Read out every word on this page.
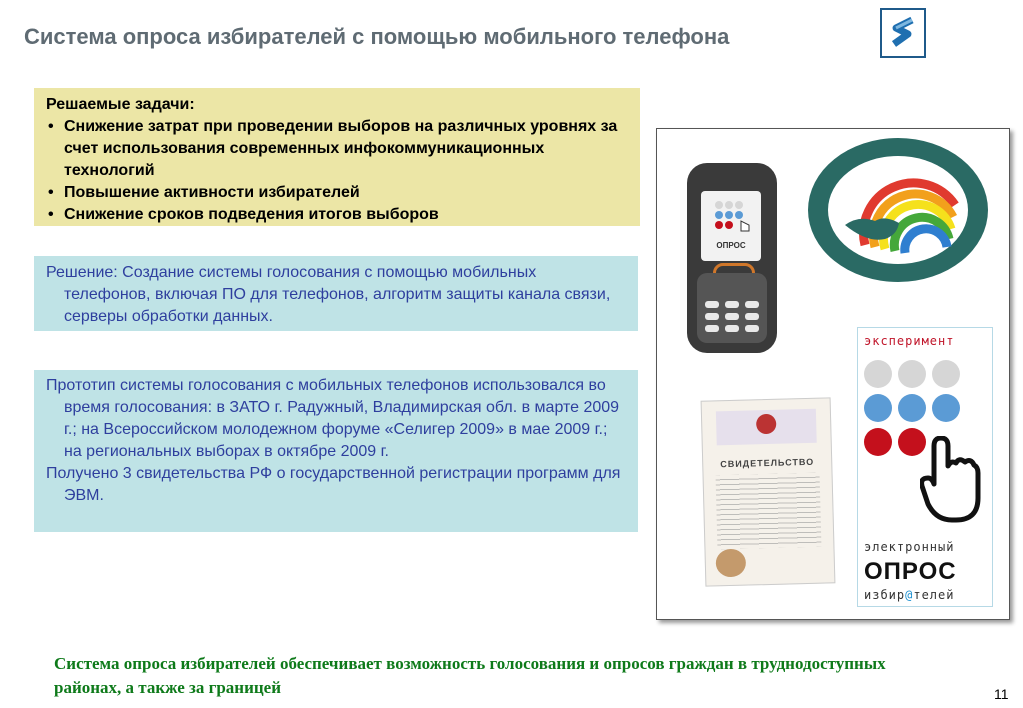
Система опроса избирателей с помощью мобильного телефона
Решаемые задачи:
• Снижение затрат при проведении выборов на различных уровнях за счет использования современных инфокоммуникационных технологий
• Повышение активности избирателей
• Снижение сроков подведения итогов выборов

Решение: Создание системы голосования с помощью мобильных телефонов, включая ПО для телефонов, алгоритм защиты канала связи, серверы обработки данных.

Прототип системы голосования с мобильных телефонов использовался во время голосования: в ЗАТО г. Радужный, Владимирская обл. в марте 2009 г.; на Всероссийском молодежном форуме «Селигер 2009» в мае 2009 г.; на региональных выборах в октябре 2009 г.

Получено 3 свидетельства РФ о государственной регистрации программ для ЭВМ.

ОПРОС
СВИДЕТЕЛЬСТВО
эксперимент
электронный
ОПРОС
избир@телей
Система опроса избирателей обеспечивает возможность голосования и опросов граждан в труднодоступных районах, а также за границей	11
